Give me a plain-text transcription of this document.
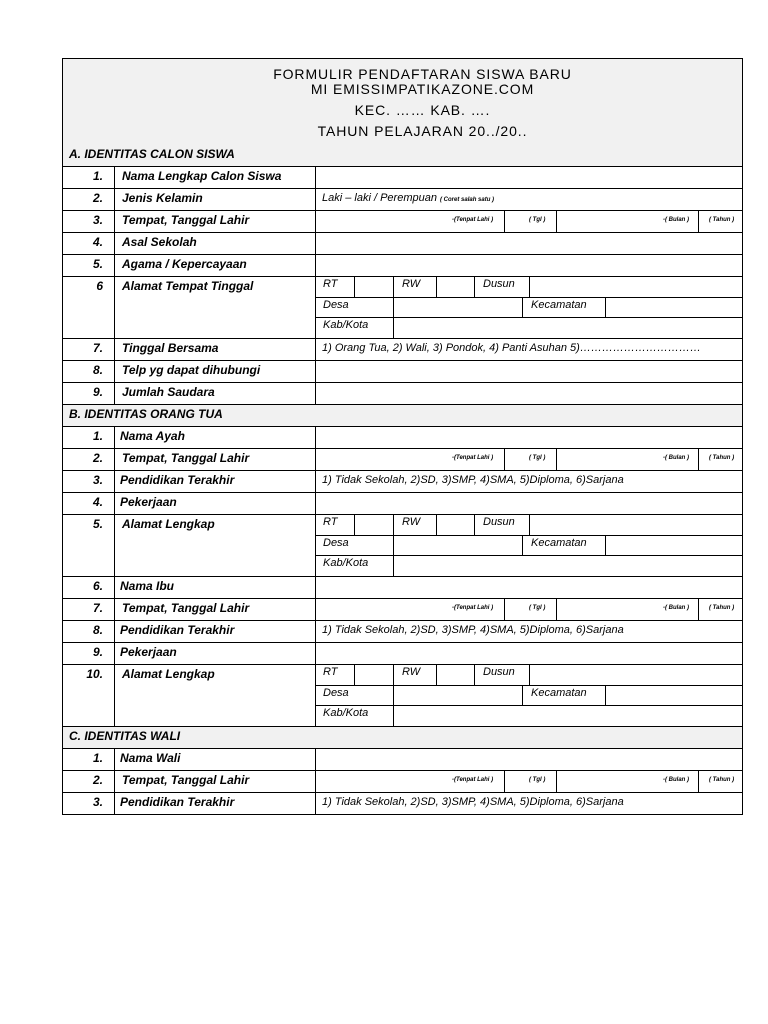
FORMULIR PENDAFTARAN SISWA BARU
MI EMISSIMPATIKAZONE.COM
KEC. …… KAB. ….
TAHUN PELAJARAN 20../20..
A. IDENTITAS CALON SISWA
1.	Nama Lengkap Calon Siswa
2.	Jenis Kelamin	Laki – laki / Perempuan ( Coret salah satu )
3.	Tempat, Tanggal Lahir	-(Tenpat Lahi )	( Tgl )	-( Bulan )	( Tahun )
4.	Asal Sekolah
5.	Agama / Kepercayaan
6	Alamat Tempat Tinggal	RT	RW	Dusun
Desa	Kecamatan
Kab/Kota
7.	Tinggal Bersama	1) Orang Tua, 2) Wali, 3) Pondok, 4) Panti Asuhan 5)……………………………
8.	Telp yg dapat dihubungi
9.	Jumlah Saudara
B. IDENTITAS ORANG TUA
1.	Nama Ayah
2.	Tempat, Tanggal Lahir	-(Tenpat Lahi )	( Tgl )	-( Bulan )	( Tahun )
3.	Pendidikan Terakhir	1) Tidak Sekolah, 2)SD, 3)SMP, 4)SMA, 5)Diploma, 6)Sarjana
4.	Pekerjaan
5.	Alamat Lengkap	RT	RW	Dusun
Desa	Kecamatan
Kab/Kota
6.	Nama Ibu
7.	Tempat, Tanggal Lahir	-(Tenpat Lahi )	( Tgl )	-( Bulan )	( Tahun )
8.	Pendidikan Terakhir	1) Tidak Sekolah, 2)SD, 3)SMP, 4)SMA, 5)Diploma, 6)Sarjana
9.	Pekerjaan
10.	Alamat Lengkap	RT	RW	Dusun
Desa	Kecamatan
Kab/Kota
C. IDENTITAS WALI
1.	Nama Wali
2.	Tempat, Tanggal Lahir	-(Tenpat Lahi )	( Tgl )	-( Bulan )	( Tahun )
3.	Pendidikan Terakhir	1) Tidak Sekolah, 2)SD, 3)SMP, 4)SMA, 5)Diploma, 6)Sarjana
